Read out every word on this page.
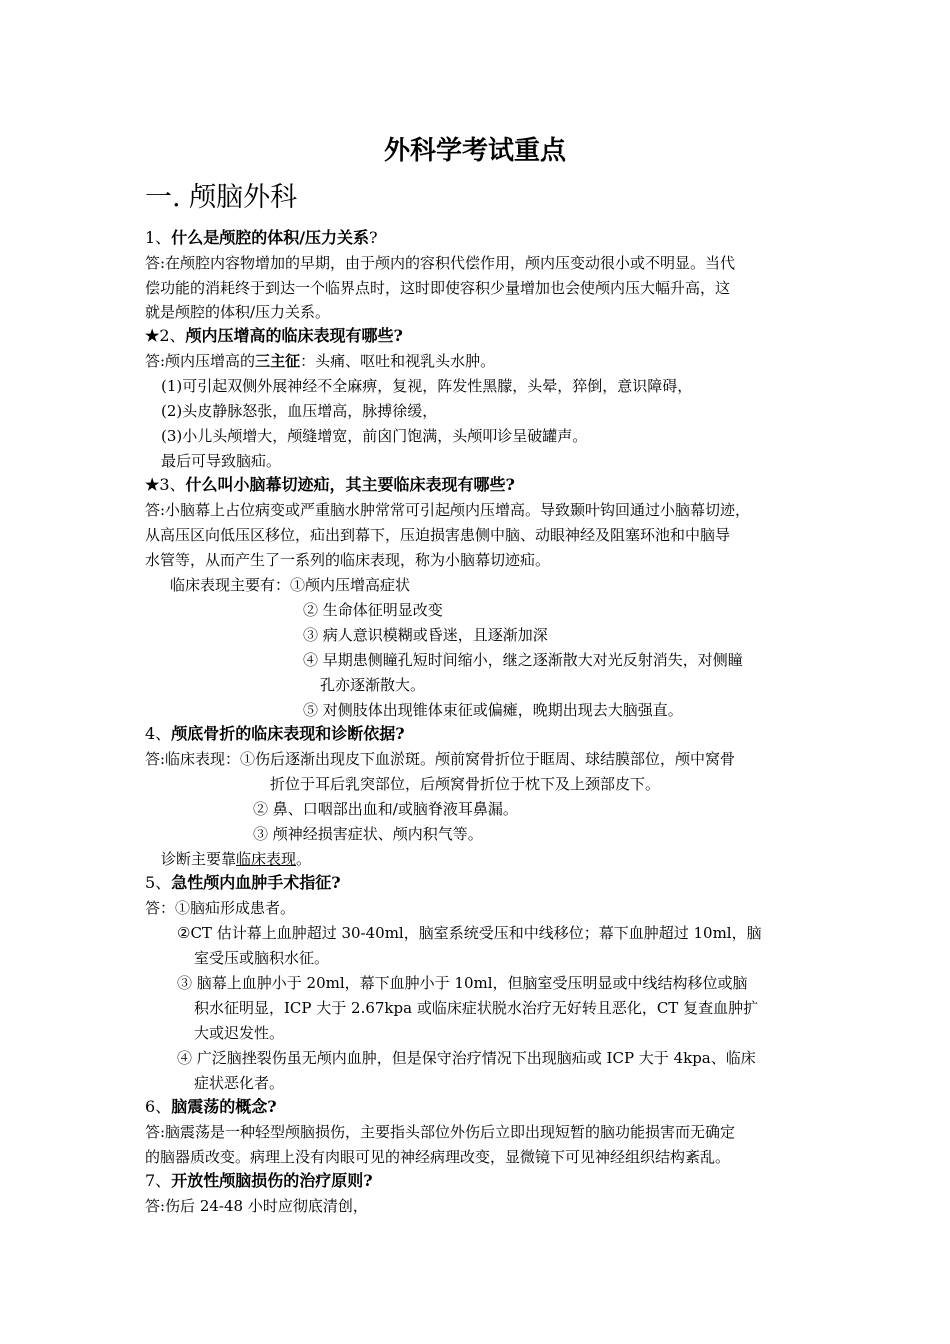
外科学考试重点
一. 颅脑外科
1、什么是颅腔的体积/压力关系?
答:在颅腔内容物增加的早期，由于颅内的容积代偿作用，颅内压变动很小或不明显。当代
偿功能的消耗终于到达一个临界点时，这时即使容积少量增加也会使颅内压大幅升高，这
就是颅腔的体积/压力关系。
★2、颅内压增高的临床表现有哪些?
答:颅内压增高的三主征：头痛、呕吐和视乳头水肿。
(1)可引起双侧外展神经不全麻痹，复视，阵发性黑朦，头晕，猝倒，意识障碍，
(2)头皮静脉怒张，血压增高，脉搏徐缓，
(3)小儿头颅增大，颅缝增宽，前囟门饱满，头颅叩诊呈破罐声。
最后可导致脑疝。
★3、什么叫小脑幕切迹疝，其主要临床表现有哪些?
答:小脑幕上占位病变或严重脑水肿常常可引起颅内压增高。导致颞叶钩回通过小脑幕切迹，
从高压区向低压区移位，疝出到幕下，压迫损害患侧中脑、动眼神经及阻塞环池和中脑导
水管等，从而产生了一系列的临床表现，称为小脑幕切迹疝。
临床表现主要有：①颅内压增高症状
② 生命体征明显改变
③ 病人意识模糊或昏迷，且逐渐加深
④ 早期患侧瞳孔短时间缩小，继之逐渐散大对光反射消失，对侧瞳
孔亦逐渐散大。
⑤ 对侧肢体出现锥体束征或偏瘫，晚期出现去大脑强直。
4、颅底骨折的临床表现和诊断依据?
答:临床表现：①伤后逐渐出现皮下血淤斑。颅前窝骨折位于眶周、球结膜部位，颅中窝骨
折位于耳后乳突部位，后颅窝骨折位于枕下及上颈部皮下。
② 鼻、口咽部出血和/或脑脊液耳鼻漏。
③ 颅神经损害症状、颅内积气等。
诊断主要靠临床表现。
5、急性颅内血肿手术指征?
答：①脑疝形成患者。
②CT 估计幕上血肿超过 30-40ml，脑室系统受压和中线移位；幕下血肿超过 10ml，脑
室受压或脑积水征。
③ 脑幕上血肿小于 20ml，幕下血肿小于 10ml，但脑室受压明显或中线结构移位或脑
积水征明显，ICP 大于 2.67kpa 或临床症状脱水治疗无好转且恶化，CT 复查血肿扩
大或迟发性。
④ 广泛脑挫裂伤虽无颅内血肿，但是保守治疗情况下出现脑疝或 ICP 大于 4kpa、临床
症状恶化者。
6、脑震荡的概念?
答:脑震荡是一种轻型颅脑损伤，主要指头部位外伤后立即出现短暂的脑功能损害而无确定
的脑器质改变。病理上没有肉眼可见的神经病理改变，显微镜下可见神经组织结构紊乱。
7、开放性颅脑损伤的治疗原则?
答:伤后 24-48 小时应彻底清创，
